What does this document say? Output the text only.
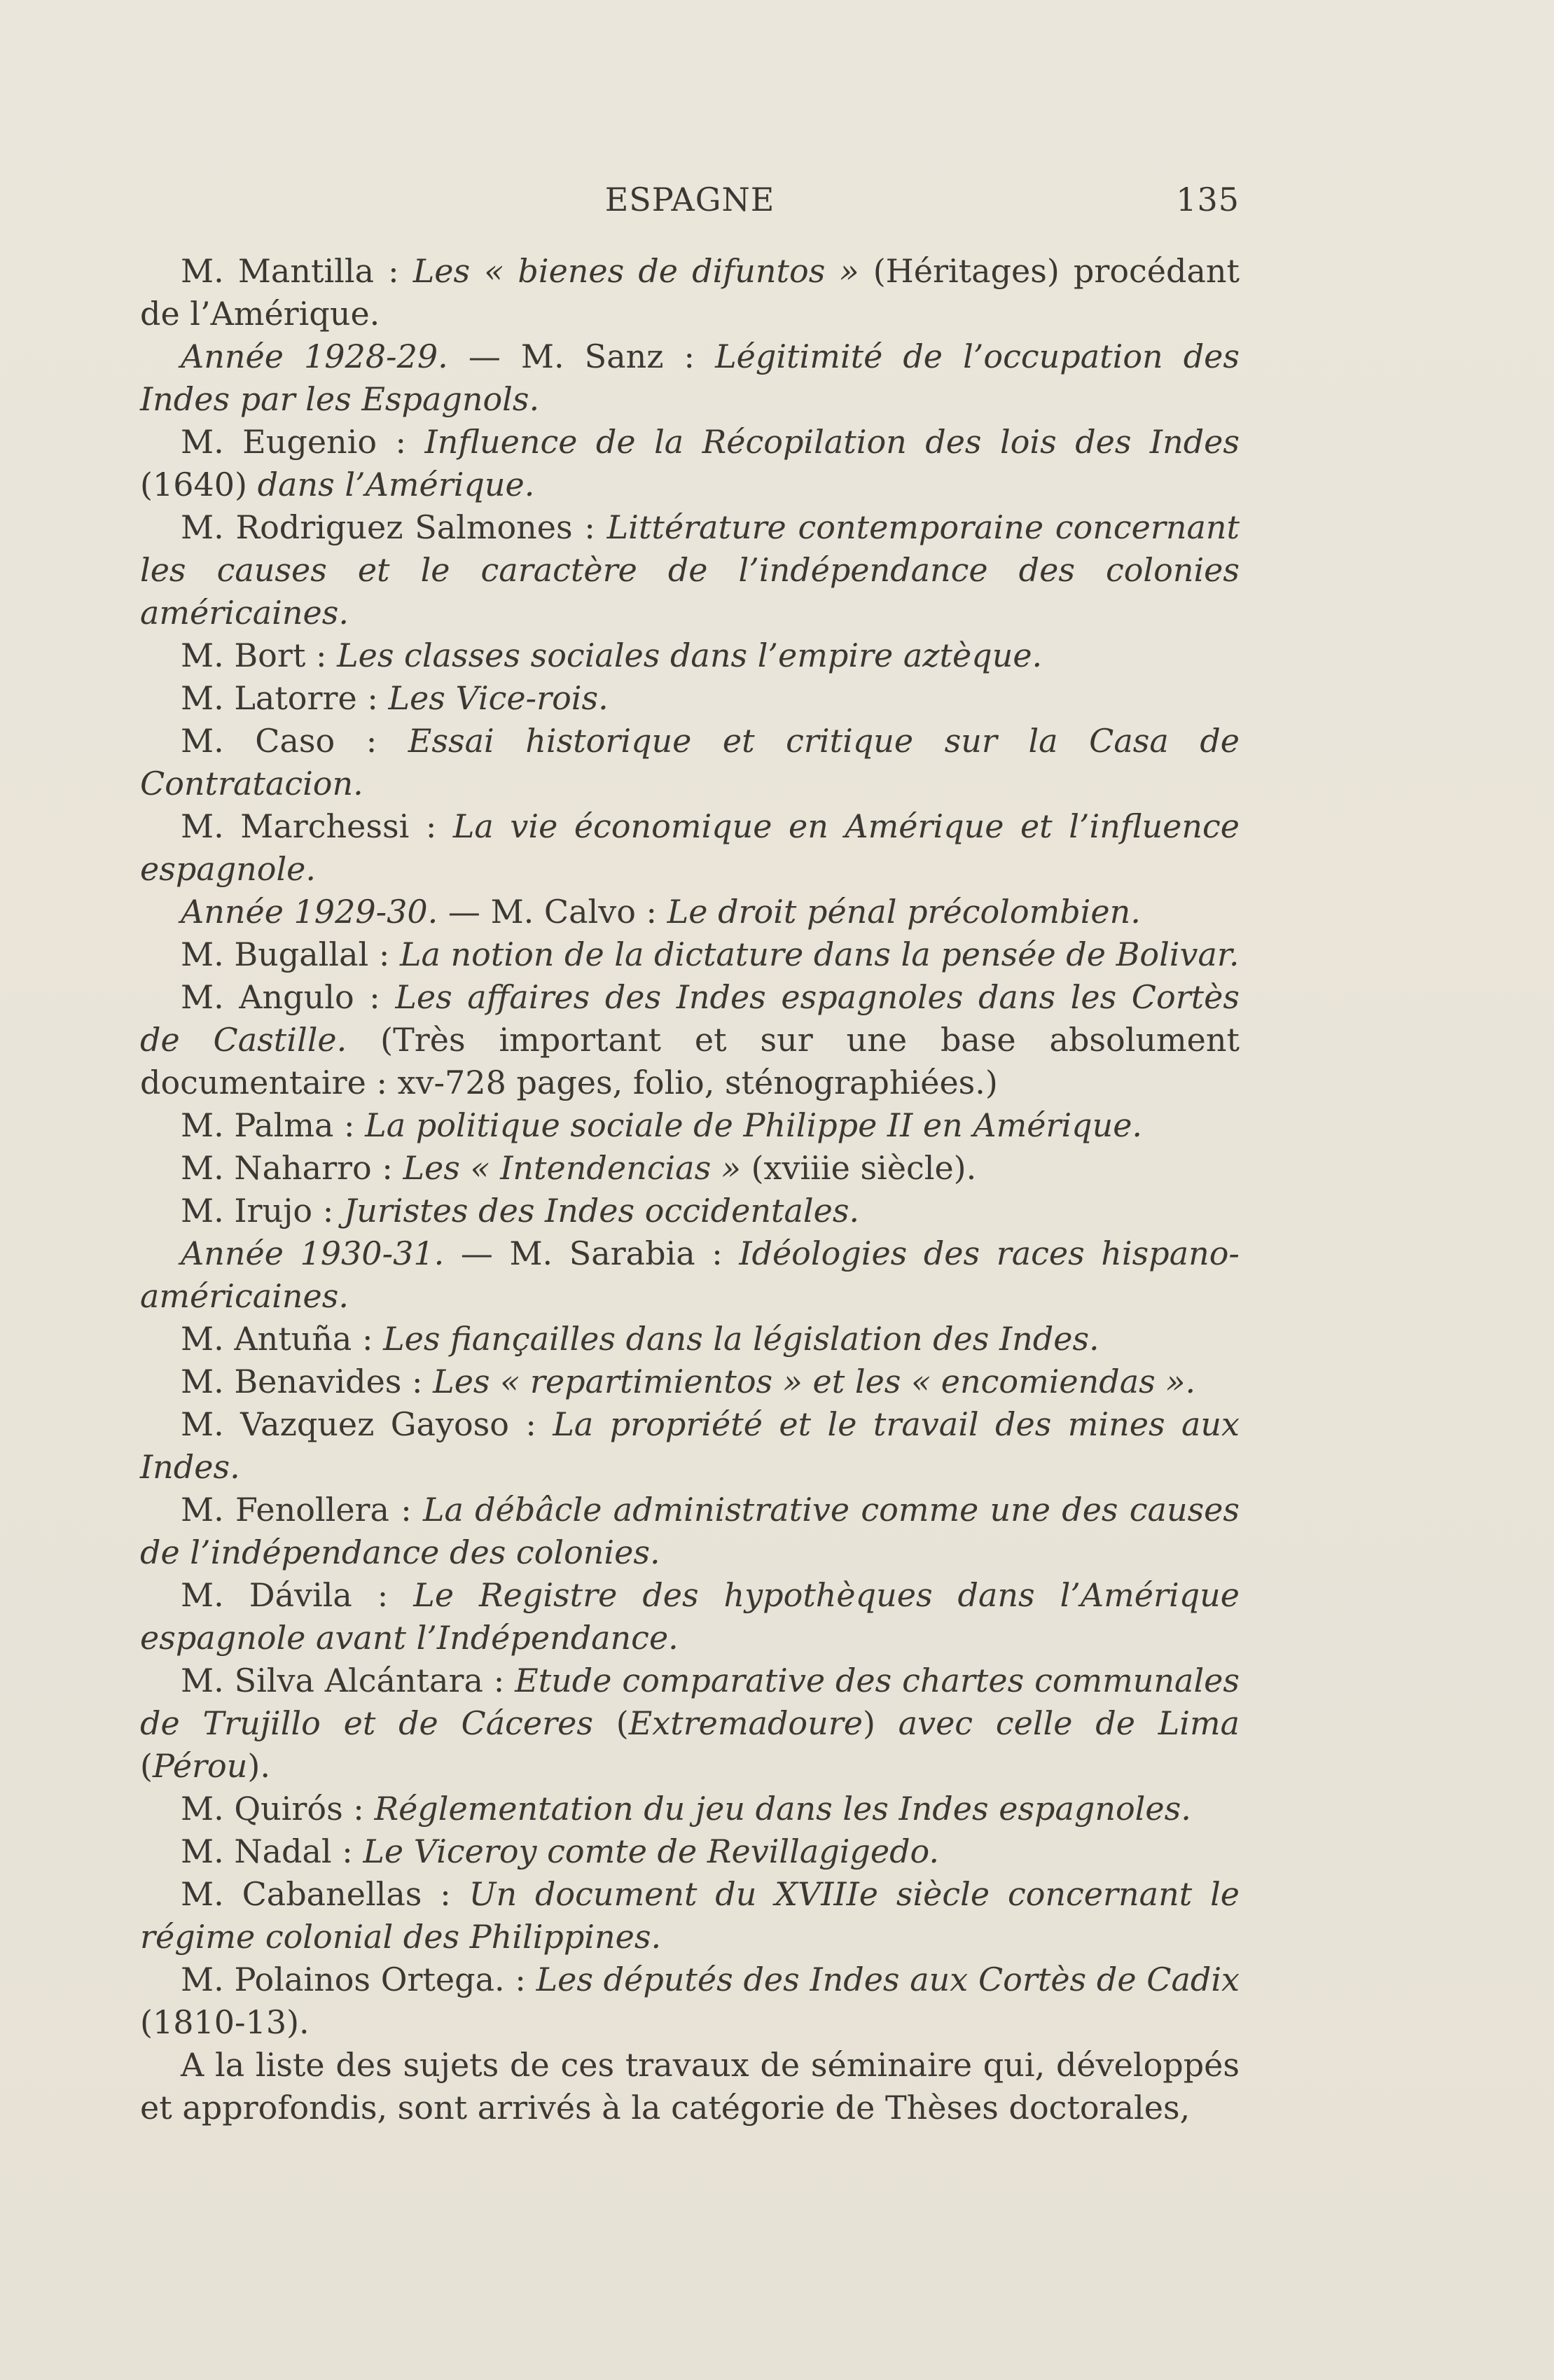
ESPAGNE	135

M. Mantilla : Les « bienes de difuntos » (Héritages) procédant de l’Amérique.

Année 1928-29. — M. Sanz : Légitimité de l’occupation des Indes par les Espagnols.

M. Eugenio : Influence de la Récopilation des lois des Indes (1640) dans l’Amérique.

M. Rodriguez Salmones : Littérature contemporaine concernant les causes et le caractère de l’indépendance des colonies américaines.

M. Bort : Les classes sociales dans l’empire aztèque.

M. Latorre : Les Vice-rois.

M. Caso : Essai historique et critique sur la Casa de Contratacion.

M. Marchessi : La vie économique en Amérique et l’influence espagnole.

Année 1929-30. — M. Calvo : Le droit pénal précolombien.

M. Bugallal : La notion de la dictature dans la pensée de Bolivar.

M. Angulo : Les affaires des Indes espagnoles dans les Cortès de Castille. (Très important et sur une base absolument documentaire : xv-728 pages, folio, sténographiées.)

M. Palma : La politique sociale de Philippe II en Amérique.

M. Naharro : Les « Intendencias » (xviiie siècle).

M. Irujo : Juristes des Indes occidentales.

Année 1930-31. — M. Sarabia : Idéologies des races hispano-américaines.

M. Antuña : Les fiançailles dans la législation des Indes.

M. Benavides : Les « repartimientos » et les « encomiendas ».

M. Vazquez Gayoso : La propriété et le travail des mines aux Indes.

M. Fenollera : La débâcle administrative comme une des causes de l’indépendance des colonies.

M. Dávila : Le Registre des hypothèques dans l’Amérique espagnole avant l’Indépendance.

M. Silva Alcántara : Etude comparative des chartes communales de Trujillo et de Cáceres (Extremadoure) avec celle de Lima (Pérou).

M. Quirós : Réglementation du jeu dans les Indes espagnoles.

M. Nadal : Le Viceroy comte de Revillagigedo.

M. Cabanellas : Un document du XVIIIe siècle concernant le régime colonial des Philippines.

M. Polainos Ortega. : Les députés des Indes aux Cortès de Cadix (1810-13).

A la liste des sujets de ces travaux de séminaire qui, développés et approfondis, sont arrivés à la catégorie de Thèses doctorales,
